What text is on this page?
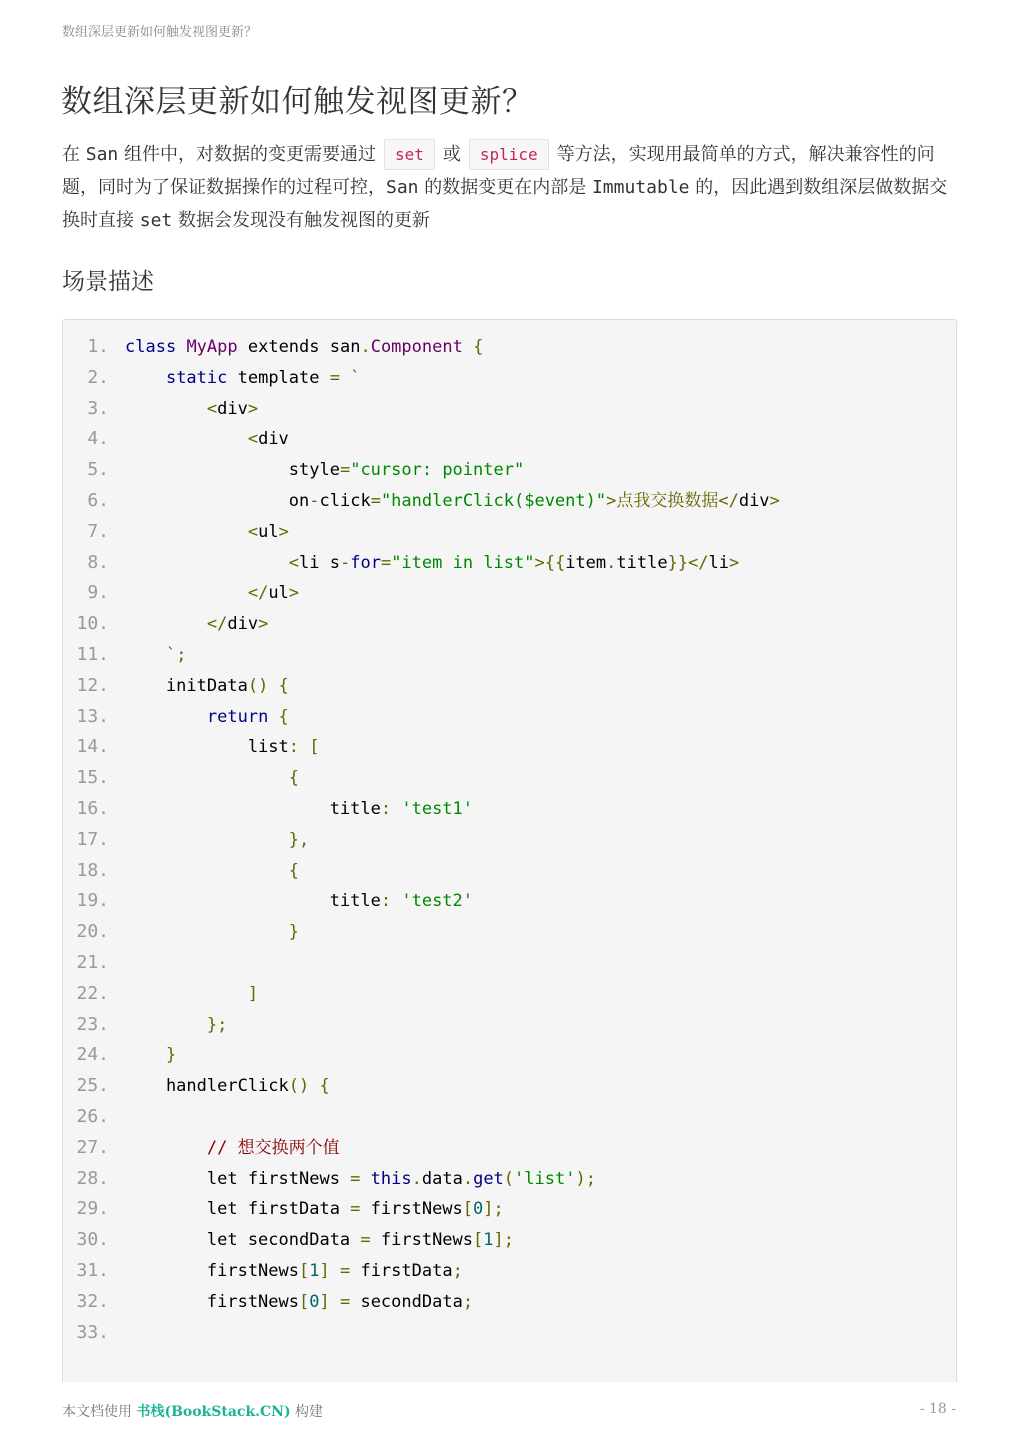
数组深层更新如何触发视图更新？
数组深层更新如何触发视图更新？

在 San 组件中，对数据的变更需要通过 set 或 splice 等方法，实现用最简单的方式，解决兼容性的问题，同时为了保证数据操作的过程可控，San 的数据变更在内部是 Immutable 的，因此遇到数组深层做数据交换时直接 set 数据会发现没有触发视图的更新

场景描述
1. class MyApp extends san.Component {
2.	static template = `
3.	<div>
4.	<div
5.	style="cursor: pointer"
6.	on-click="handlerClick($event)">点我交换数据</div>
7.	<ul>
8.	<li s-for="item in list">{{item.title}}</li>
9.	</ul>
10.	</div>
11.	`;
12. initData() {
13.	return {
14. list: [
15.	{
16. title: 'test1'
17.	},
18.	{
19. title: 'test2'
20.	}
21.
22.	]
23.	};
24.	}
25. handlerClick() {
26.
27.	// 想交换两个值
28. let firstNews = this.data.get('list');
29. let firstData = firstNews[0];
30. let secondData = firstNews[1];
31. firstNews[1] = firstData;
32. firstNews[0] = secondData;
33.
本文档使用 书栈(BookStack.CN) 构建	- 18 -
